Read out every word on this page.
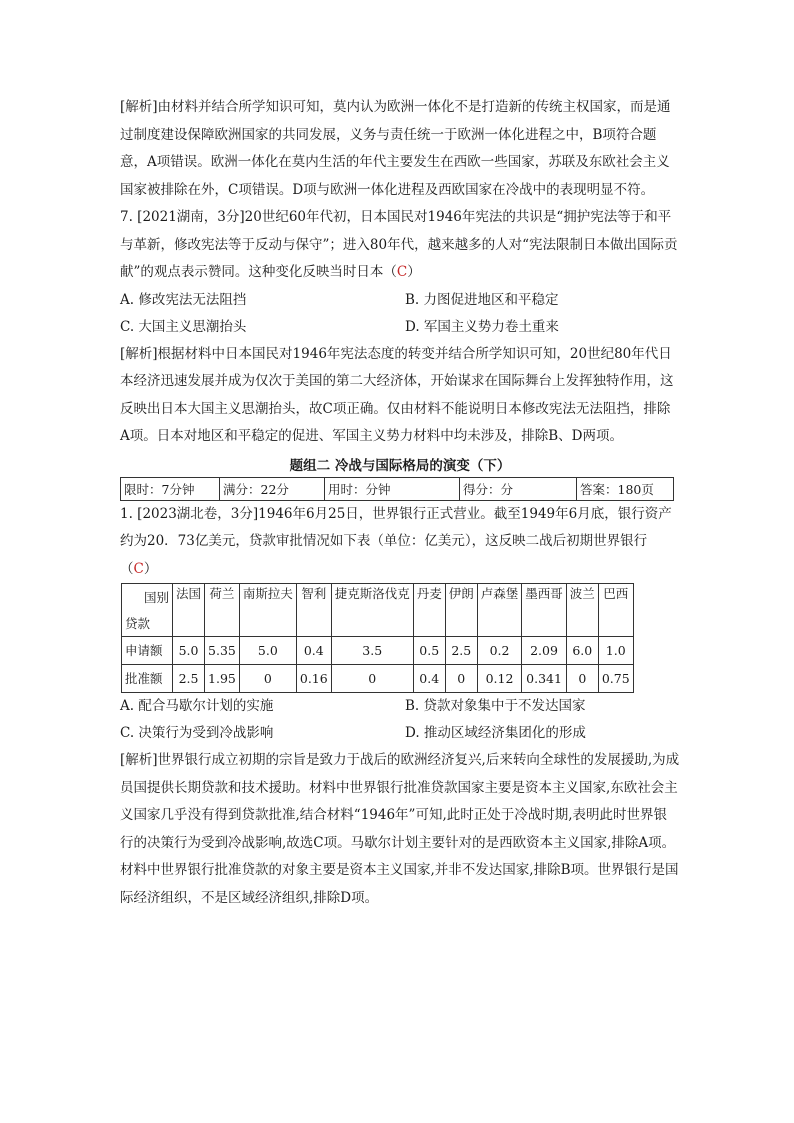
[解析]由材料并结合所学知识可知，莫内认为欧洲一体化不是打造新的传统主权国家，而是通过制度建设保障欧洲国家的共同发展，义务与责任统一于欧洲一体化进程之中，B项符合题意，A项错误。欧洲一体化在莫内生活的年代主要发生在西欧一些国家，苏联及东欧社会主义国家被排除在外，C项错误。D项与欧洲一体化进程及西欧国家在冷战中的表现明显不符。

7. [2021湖南，3分]20世纪60年代初，日本国民对1946年宪法的共识是“拥护宪法等于和平与革新，修改宪法等于反动与保守”；进入80年代，越来越多的人对“宪法限制日本做出国际贡献”的观点表示赞同。这种变化反映当时日本（C）

A. 修改宪法无法阻挡	B. 力图促进地区和平稳定
C. 大国主义思潮抬头	D. 军国主义势力卷土重来

[解析]根据材料中日本国民对1946年宪法态度的转变并结合所学知识可知，20世纪80年代日本经济迅速发展并成为仅次于美国的第二大经济体，开始谋求在国际舞台上发挥独特作用，这反映出日本大国主义思潮抬头，故C项正确。仅由材料不能说明日本修改宪法无法阻挡，排除A项。日本对地区和平稳定的促进、军国主义势力材料中均未涉及，排除B、D两项。

题组二 冷战与国际格局的演变（下）
限时：7分钟	满分：22分	用时：分钟	得分：分	答案：180页

1. [2023湖北卷，3分]1946年6月25日，世界银行正式营业。截至1949年6月底，银行资产约为20．73亿美元，贷款审批情况如下表（单位：亿美元），这反映二战后初期世界银行（C）

国别
贷款	法国	荷兰	南斯拉夫	智利	捷克斯洛伐克	丹麦	伊朗	卢森堡	墨西哥	波兰	巴西
申请额	5.0	5.35	5.0	0.4	3.5	0.5	2.5	0.2	2.09	6.0	1.0
批准额	2.5	1.95	0	0.16	0	0.4	0	0.12	0.341	0	0.75
A. 配合马歇尔计划的实施	B. 贷款对象集中于不发达国家
C. 决策行为受到冷战影响	D. 推动区域经济集团化的形成

[解析]世界银行成立初期的宗旨是致力于战后的欧洲经济复兴,后来转向全球性的发展援助,为成员国提供长期贷款和技术援助。材料中世界银行批准贷款国家主要是资本主义国家,东欧社会主义国家几乎没有得到贷款批准,结合材料“1946年”可知,此时正处于冷战时期,表明此时世界银行的决策行为受到冷战影响,故选C项。马歇尔计划主要针对的是西欧资本主义国家,排除A项。材料中世界银行批准贷款的对象主要是资本主义国家,并非不发达国家,排除B项。世界银行是国际经济组织，不是区域经济组织,排除D项。
